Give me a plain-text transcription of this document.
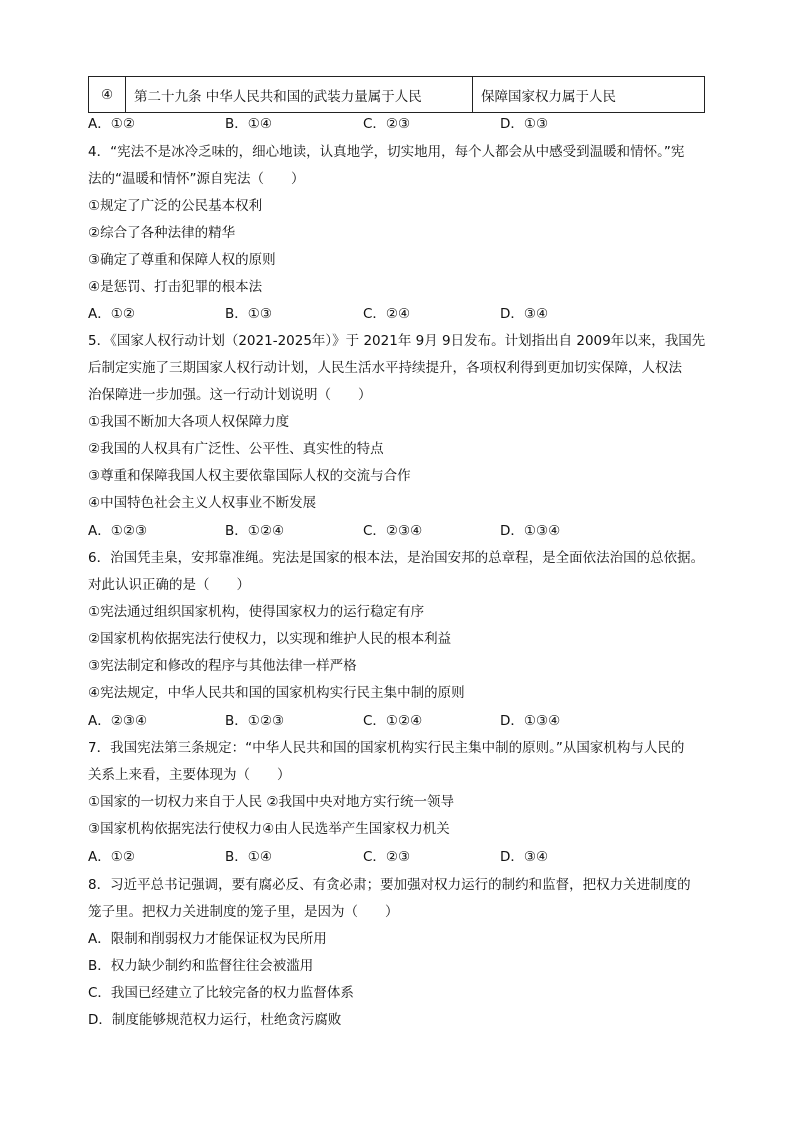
④	第二十九条 中华人民共和国的武装力量属于人民	保障国家权力属于人民
A．①②	B．①④	C．②③	D．①③
4．“宪法不是冰冷乏味的，细心地读，认真地学，切实地用，每个人都会从中感受到温暖和情怀。”宪
法的“温暖和情怀”源自宪法（　　）
①规定了广泛的公民基本权利
②综合了各种法律的精华
③确定了尊重和保障人权的原则
④是惩罚、打击犯罪的根本法
A．①②	B．①③	C．②④	D．③④
5．《国家人权行动计划（2021-2025年）》于 2021年 9月 9日发布。计划指出自 2009年以来，我国先
后制定实施了三期国家人权行动计划，人民生活水平持续提升，各项权利得到更加切实保障，人权法
治保障进一步加强。这一行动计划说明（　　）
①我国不断加大各项人权保障力度
②我国的人权具有广泛性、公平性、真实性的特点
③尊重和保障我国人权主要依靠国际人权的交流与合作
④中国特色社会主义人权事业不断发展
A．①②③	B．①②④	C．②③④	D．①③④
6．治国凭圭臬，安邦靠准绳。宪法是国家的根本法，是治国安邦的总章程，是全面依法治国的总依据。
对此认识正确的是（　　）
①宪法通过组织国家机构，使得国家权力的运行稳定有序
②国家机构依据宪法行使权力，以实现和维护人民的根本利益
③宪法制定和修改的程序与其他法律一样严格
④宪法规定，中华人民共和国的国家机构实行民主集中制的原则
A．②③④	B．①②③	C．①②④	D．①③④
7．我国宪法第三条规定：“中华人民共和国的国家机构实行民主集中制的原则。”从国家机构与人民的
关系上来看，主要体现为（　　）
①国家的一切权力来自于人民 ②我国中央对地方实行统一领导
③国家机构依据宪法行使权力④由人民选举产生国家权力机关
A．①②	B．①④	C．②③	D．③④
8．习近平总书记强调，要有腐必反、有贪必肃；要加强对权力运行的制约和监督，把权力关进制度的
笼子里。把权力关进制度的笼子里，是因为（　　）
A．限制和削弱权力才能保证权为民所用
B．权力缺少制约和监督往往会被滥用
C．我国已经建立了比较完备的权力监督体系
D．制度能够规范权力运行，杜绝贪污腐败
